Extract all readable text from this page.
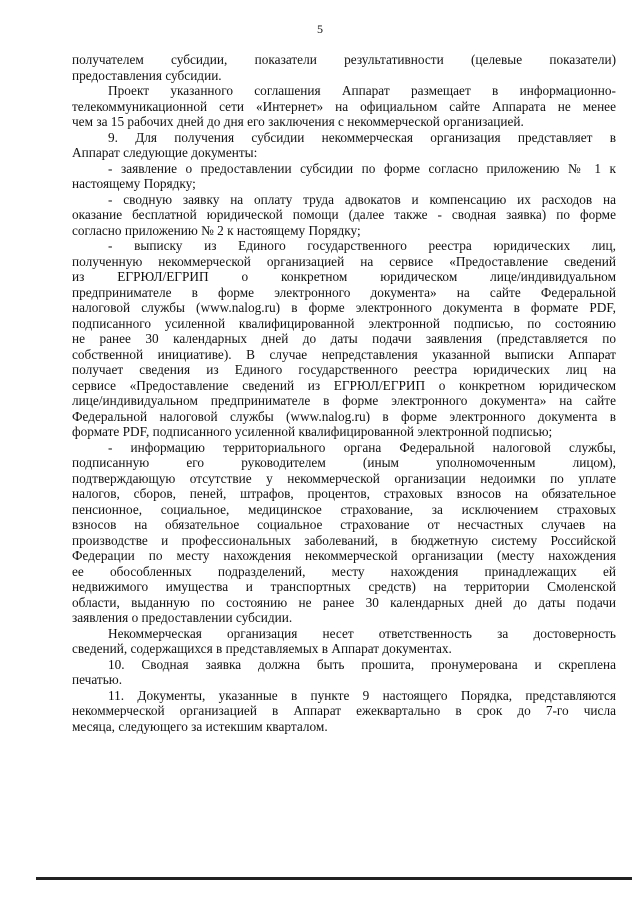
5
получателем субсидии, показатели результативности (целевые показатели)
предоставления субсидии.
Проект указанного соглашения Аппарат размещает в информационно-
телекоммуникационной сети «Интернет» на официальном сайте Аппарата не менее
чем за 15 рабочих дней до дня его заключения с некоммерческой организацией.
9. Для получения субсидии некоммерческая организация представляет в
Аппарат следующие документы:
- заявление о предоставлении субсидии по форме согласно приложению № 1 к
настоящему Порядку;
- сводную заявку на оплату труда адвокатов и компенсацию их расходов на
оказание бесплатной юридической помощи (далее также - сводная заявка) по форме
согласно приложению № 2 к настоящему Порядку;
- выписку из Единого государственного реестра юридических лиц,
полученную некоммерческой организацией на сервисе «Предоставление сведений
из ЕГРЮЛ/ЕГРИП о конкретном юридическом лице/индивидуальном
предпринимателе в форме электронного документа» на сайте Федеральной
налоговой службы (www.nalog.ru) в форме электронного документа в формате PDF,
подписанного усиленной квалифицированной электронной подписью, по состоянию
не ранее 30 календарных дней до даты подачи заявления (представляется по
собственной инициативе). В случае непредставления указанной выписки Аппарат
получает сведения из Единого государственного реестра юридических лиц на
сервисе «Предоставление сведений из ЕГРЮЛ/ЕГРИП о конкретном юридическом
лице/индивидуальном предпринимателе в форме электронного документа» на сайте
Федеральной налоговой службы (www.nalog.ru) в форме электронного документа в
формате PDF, подписанного усиленной квалифицированной электронной подписью;
- информацию территориального органа Федеральной налоговой службы,
подписанную его руководителем (иным уполномоченным лицом),
подтверждающую отсутствие у некоммерческой организации недоимки по уплате
налогов, сборов, пеней, штрафов, процентов, страховых взносов на обязательное
пенсионное, социальное, медицинское страхование, за исключением страховых
взносов на обязательное социальное страхование от несчастных случаев на
производстве и профессиональных заболеваний, в бюджетную систему Российской
Федерации по месту нахождения некоммерческой организации (месту нахождения
ее обособленных подразделений, месту нахождения принадлежащих ей
недвижимого имущества и транспортных средств) на территории Смоленской
области, выданную по состоянию не ранее 30 календарных дней до даты подачи
заявления о предоставлении субсидии.
Некоммерческая организация несет ответственность за достоверность
сведений, содержащихся в представляемых в Аппарат документах.
10. Сводная заявка должна быть прошита, пронумерована и скреплена
печатью.
11. Документы, указанные в пункте 9 настоящего Порядка, представляются
некоммерческой организацией в Аппарат ежеквартально в срок до 7-го числа
месяца, следующего за истекшим кварталом.
